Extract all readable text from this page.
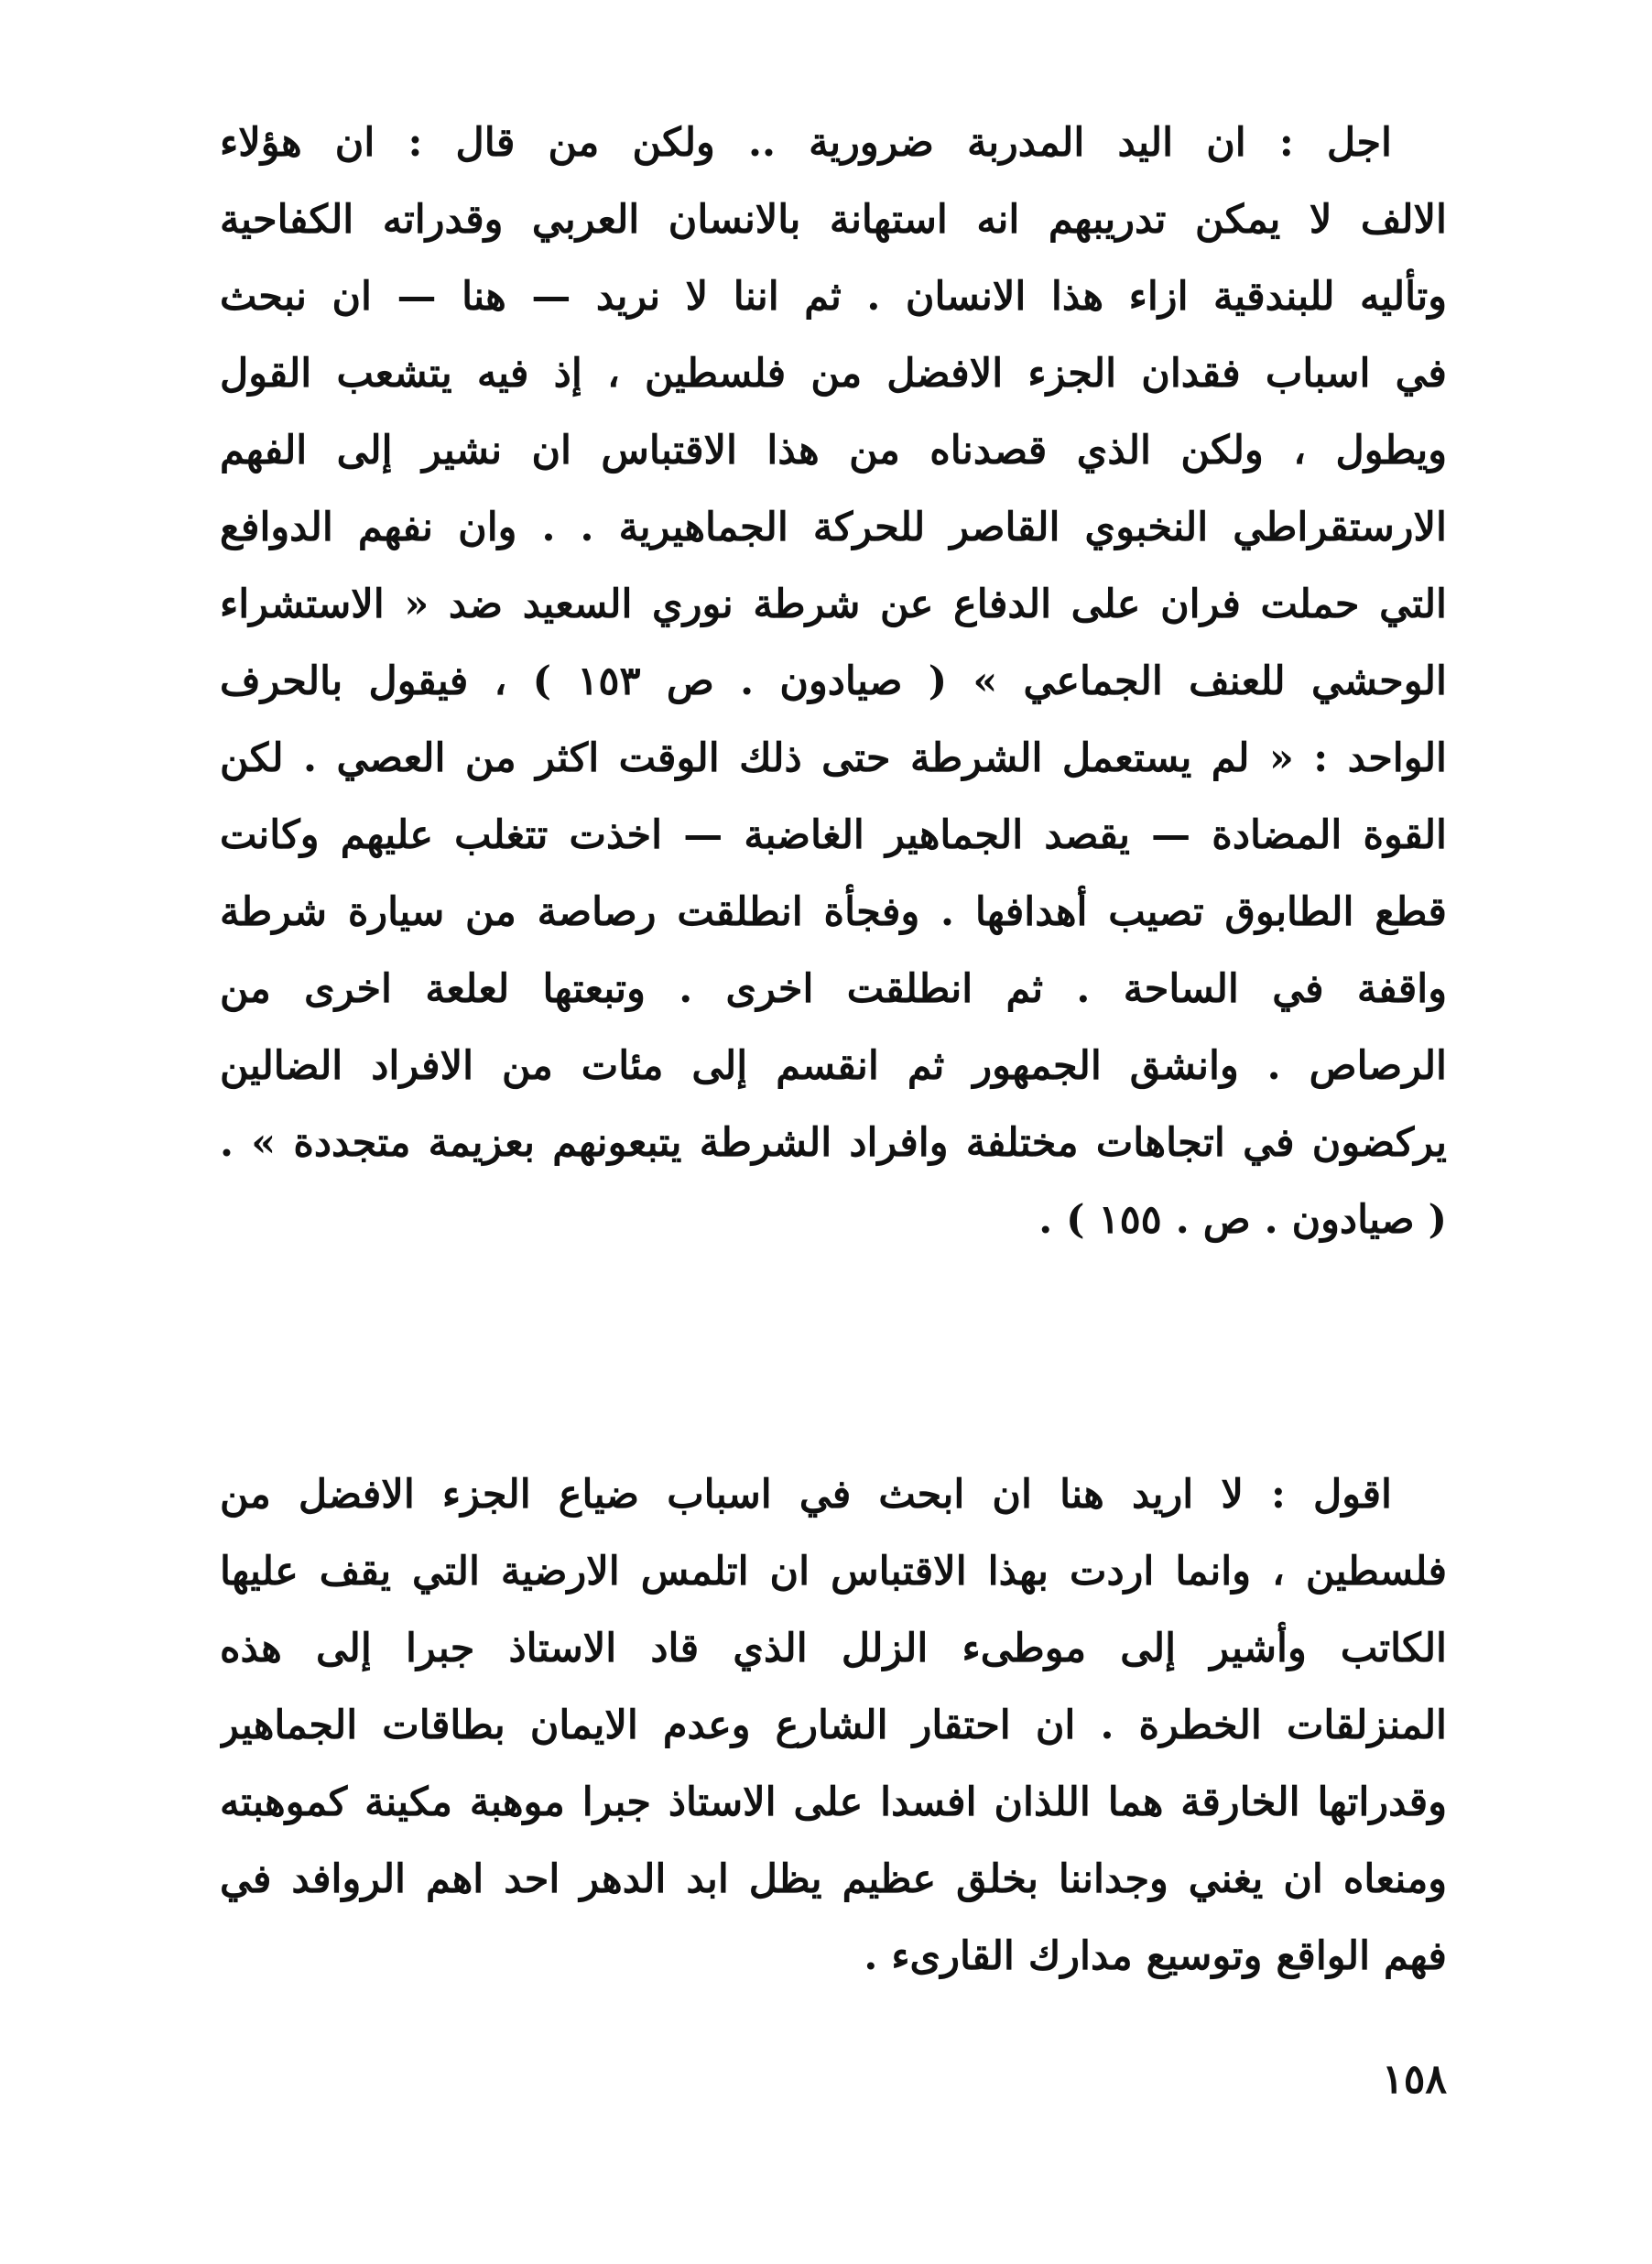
اجل : ان اليد المدربة ضرورية .. ولكن من قال : ان هؤلاء
الالف لا يمكن تدريبهم انه استهانة بالانسان العربي وقدراته الكفاحية
وتأليه للبندقية ازاء هذا الانسان . ثم اننا لا نريد — هنا — ان نبحث
في اسباب فقدان الجزء الافضل من فلسطين ، إذ فيه يتشعب القول
ويطول ، ولكن الذي قصدناه من هذا الاقتباس ان نشير إلى الفهم
الارستقراطي النخبوي القاصر للحركة الجماهيرية . . وان نفهم الدوافع
التي حملت فران على الدفاع عن شرطة نوري السعيد ضد « الاستشراء
الوحشي للعنف الجماعي » ( صيادون . ص ١٥٣ ) ، فيقول بالحرف
الواحد : « لم يستعمل الشرطة حتى ذلك الوقت اكثر من العصي . لكن
القوة المضادة — يقصد الجماهير الغاضبة — اخذت تتغلب عليهم وكانت
قطع الطابوق تصيب أهدافها . وفجأة انطلقت رصاصة من سيارة شرطة
واقفة في الساحة . ثم انطلقت اخرى . وتبعتها لعلعة اخرى من
الرصاص . وانشق الجمهور ثم انقسم إلى مئات من الافراد الضالين
يركضون في اتجاهات مختلفة وافراد الشرطة يتبعونهم بعزيمة متجددة » .
( صيادون . ص . ١٥٥ ) .
اقول : لا اريد هنا ان ابحث في اسباب ضياع الجزء الافضل من
فلسطين ، وانما اردت بهذا الاقتباس ان اتلمس الارضية التي يقف عليها
الكاتب وأشير إلى موطىء الزلل الذي قاد الاستاذ جبرا إلى هذه
المنزلقات الخطرة . ان احتقار الشارع وعدم الايمان بطاقات الجماهير
وقدراتها الخارقة هما اللذان افسدا على الاستاذ جبرا موهبة مكينة كموهبته
ومنعاه ان يغني وجداننا بخلق عظيم يظل ابد الدهر احد اهم الروافد في
فهم الواقع وتوسيع مدارك القارىء .
١٥٨
